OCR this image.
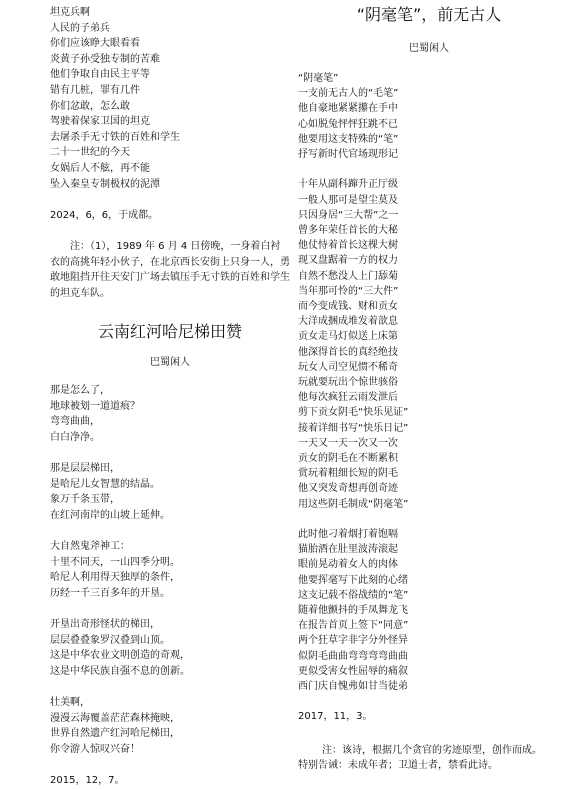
坦克兵啊
人民的子弟兵
你们应该睁大眼看看
炎黄子孙受独专制的苦难
他们争取自由民主平等
错有几桩，罪有几件
你们忿敢，怎么敢
驾驶着保家卫国的坦克
去屠杀手无寸铁的百姓和学生
二十一世纪的今天
女娲后人不舷，再不能
坠入秦皇专制极权的泥潭
2024，6，6，于成都。
注：（1），1989 年 6 月 4 日傍晚，一身着白衬衣的高挑年轻小伙子，在北京西长安街上只身一人，勇敢地阻挡开往天安门广场去镇压手无寸铁的百姓和学生的坦克车队。
云南红河哈尼梯田赞
巴蜀闲人
那是怎么了，
地球被划一道道痕？
弯弯曲曲，
白白净净。
那是层层梯田，
是哈尼儿女智慧的结晶。
象万千条玉带，
在红河南岸的山坡上延伸。
大自然鬼斧神工：
十里不同天，一山四季分明。
哈尼人利用得天独厚的条件，
历经一千三百多年的开垦。
开垦出奇形怪状的梯田，
层层叠叠象罗汉叠到山顶。
这是中华农业文明创造的奇观，
这是中华民族自强不息的创新。
壮美啊，
漫漫云海覆盖茫茫森林掩映，
世界自然遗产红河哈尼梯田，
你令游人惊叹兴奋！
2015，12，7。
“阴毫笔”，前无古人
巴蜀闲人
“阴毫笔”
一支前无古人的“毛笔”
他自豪地紧紧攥在手中
心如脱兔怦怦狂跳不已
他要用这支特殊的“笔”
抒写新时代官场现形记
十年从副科蹿升正厅级
一般人那可是望尘莫及
只因身居“三大帮”之一
曾多年荣任首长的大秘
他仗恃着首长这棵大树
现又盘踞着一方的权力
自然不愁没人上门舔菊
当年那可怜的“三大件”
而今变成钱、财和贡女
大洋成捆成堆发着歆息
贡女走马灯似送上床第
他深得首长的真经绝技
玩女人司空见惯不稀奇
玩就要玩出个惊世骇俗
他每次疯狂云雨发泄后
剪下贡女阴毛“快乐见证”
接着详细书写“快乐日记”
一天又一天一次又一次
贡女的阴毛在不断累积
赏玩着粗细长短的阴毛
他又突发奇想再创奇迹
用这些阴毛制成“阴毫笔”
此时他刁着烟打着饱嗝
猫胎酒在肚里波涛滚起
眼前晃动着女人的肉体
他要挥毫写下此刻的心绪
这支记载不俗战绩的“笔”
随着他颤抖的手凤舞龙飞
在报告首页上签下“同意”
两个狂草字非字分外怪异
似阴毛曲曲弯弯弯弯曲曲
更似受害女性屈辱的痛叙
西门庆自愧弗如甘当徒弟
2017，11，3。
注：该诗，根据几个贪官的劣迹原型，创作而成。
特别告诫：未成年者；卫道士者，禁看此诗。
